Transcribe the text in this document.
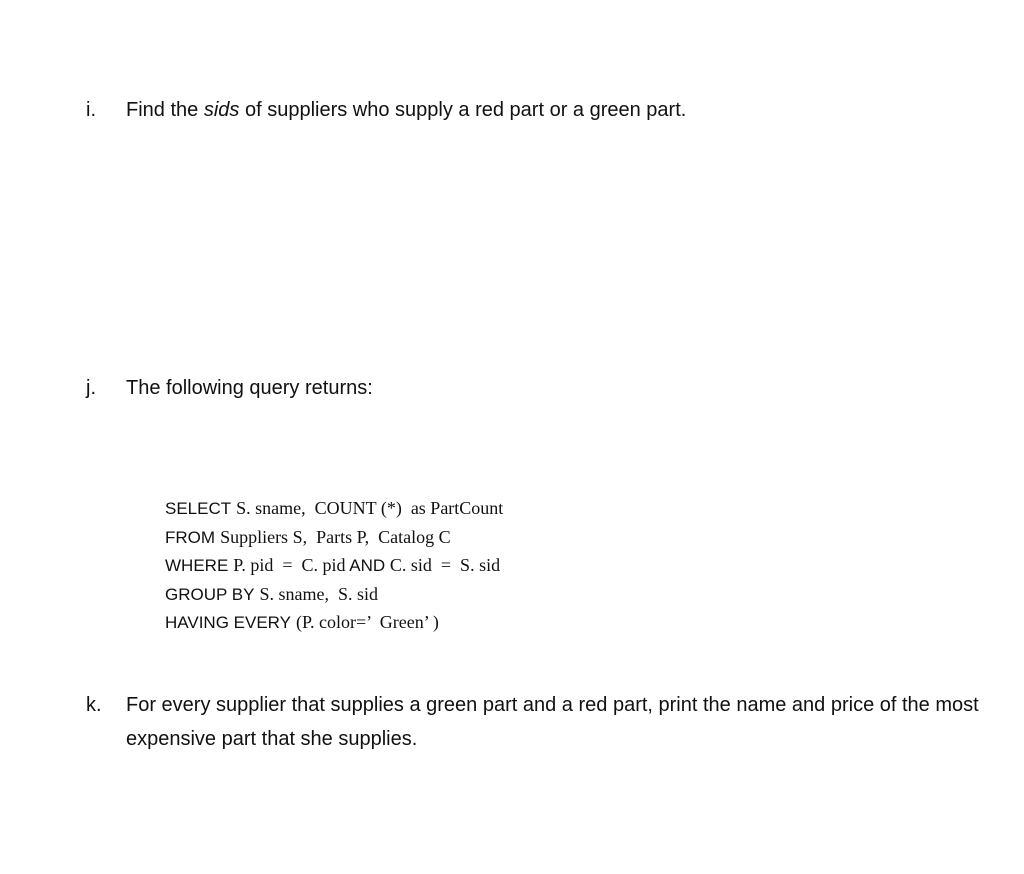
i. Find the sids of suppliers who supply a red part or a green part.
j. The following query returns:
SELECT S. sname,  COUNT (*)  as PartCount
FROM Suppliers S,  Parts P,  Catalog C
WHERE P. pid  =  C. pid AND C. sid  =  S. sid
GROUP BY S. sname,  S. sid
HAVING EVERY (P. color=’  Green’ )
k. For every supplier that supplies a green part and a red part, print the name and price of the most expensive part that she supplies.
